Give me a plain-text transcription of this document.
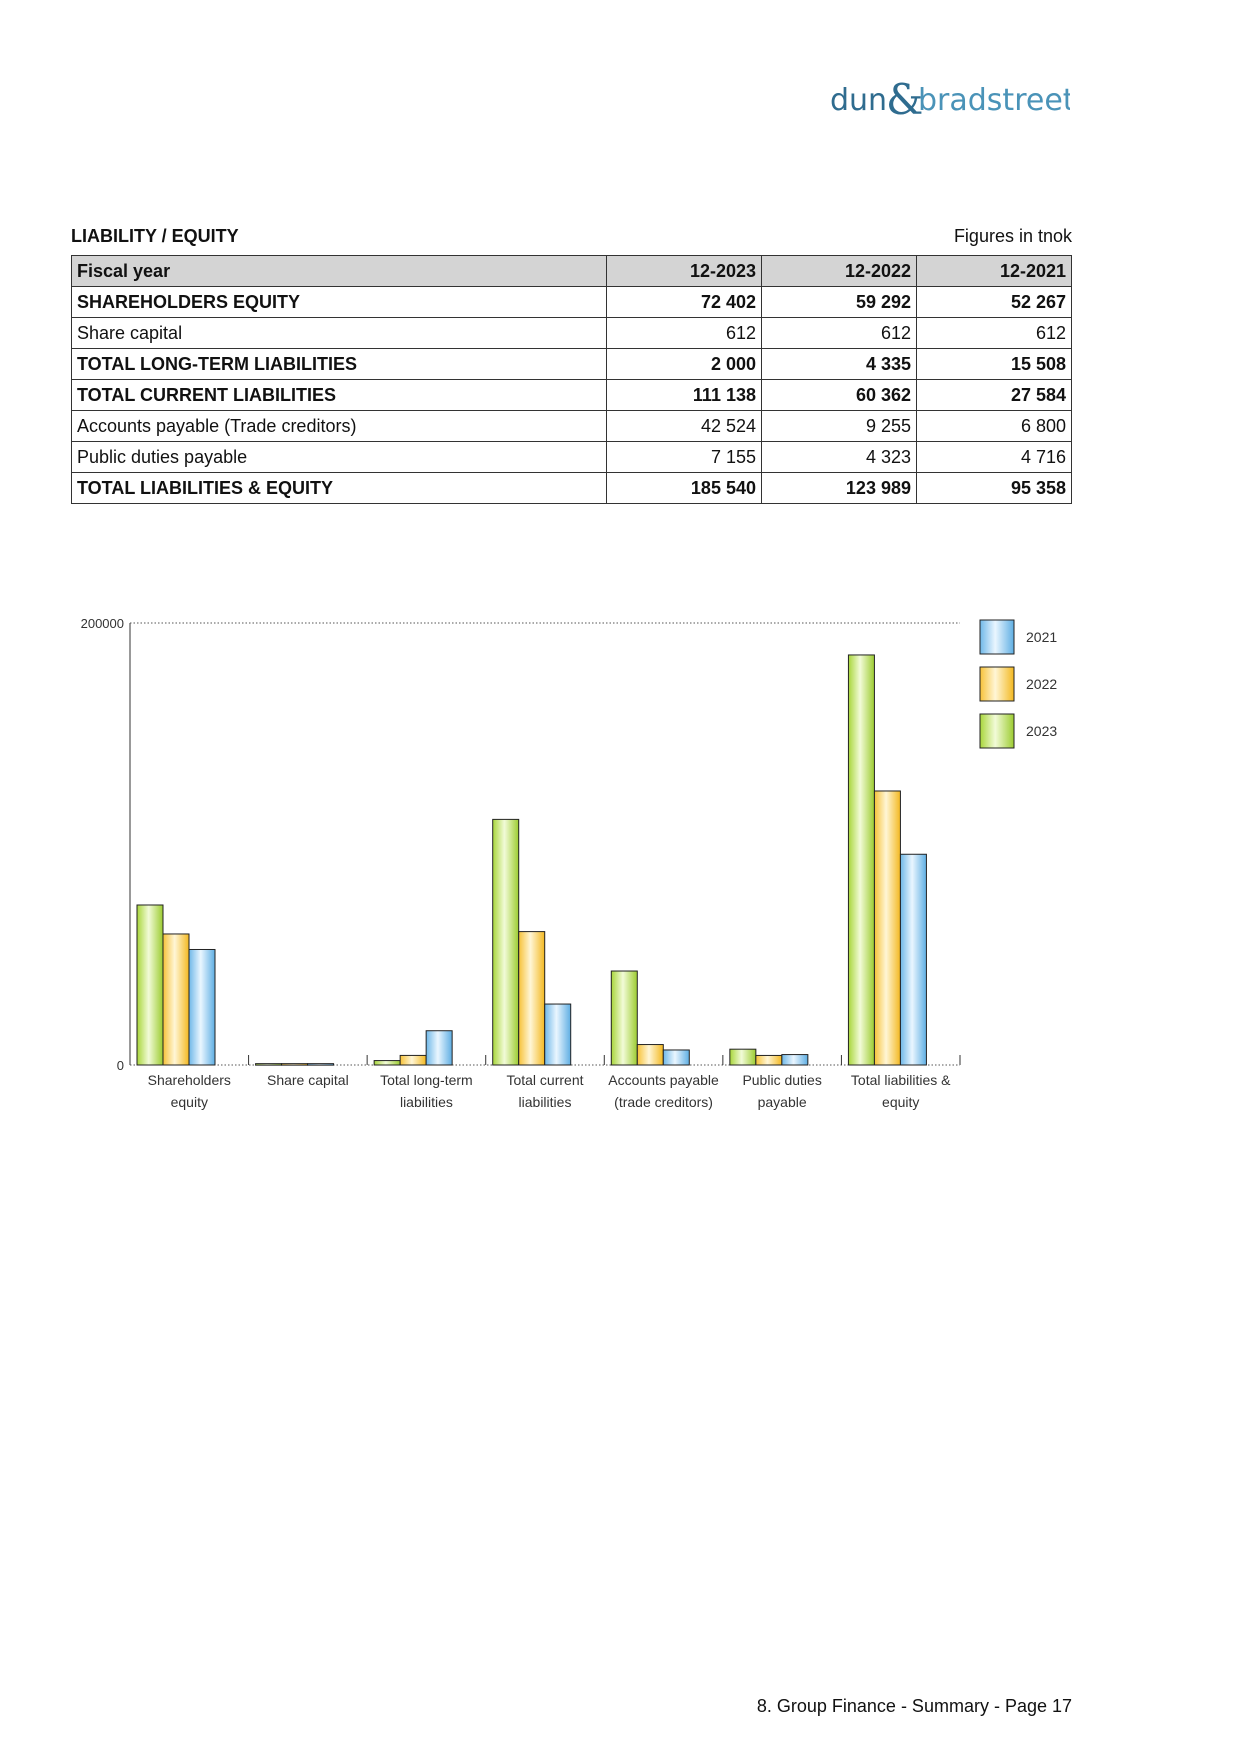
dun
&
bradstreet
LIABILITY / EQUITY	Figures in tnok
Fiscal year	12-2023	12-2022	12-2021
SHAREHOLDERS EQUITY	72 402	59 292	52 267
Share capital	612	612	612
TOTAL LONG-TERM LIABILITIES	2 000	4 335	15 508
TOTAL CURRENT LIABILITIES	111 138	60 362	27 584
Accounts payable (Trade creditors)	42 524	9 255	6 800
Public duties payable	7 155	4 323	4 716
TOTAL LIABILITIES & EQUITY	185 540	123 989	95 358
0
200000
Shareholders
equity
Share capital Total long-term
liabilities
Total current
liabilities
Accounts payable
(trade creditors)
Public duties
payable
Total liabilities &
equity
2021
2022
2023
8. Group Finance - Summary - Page 17
